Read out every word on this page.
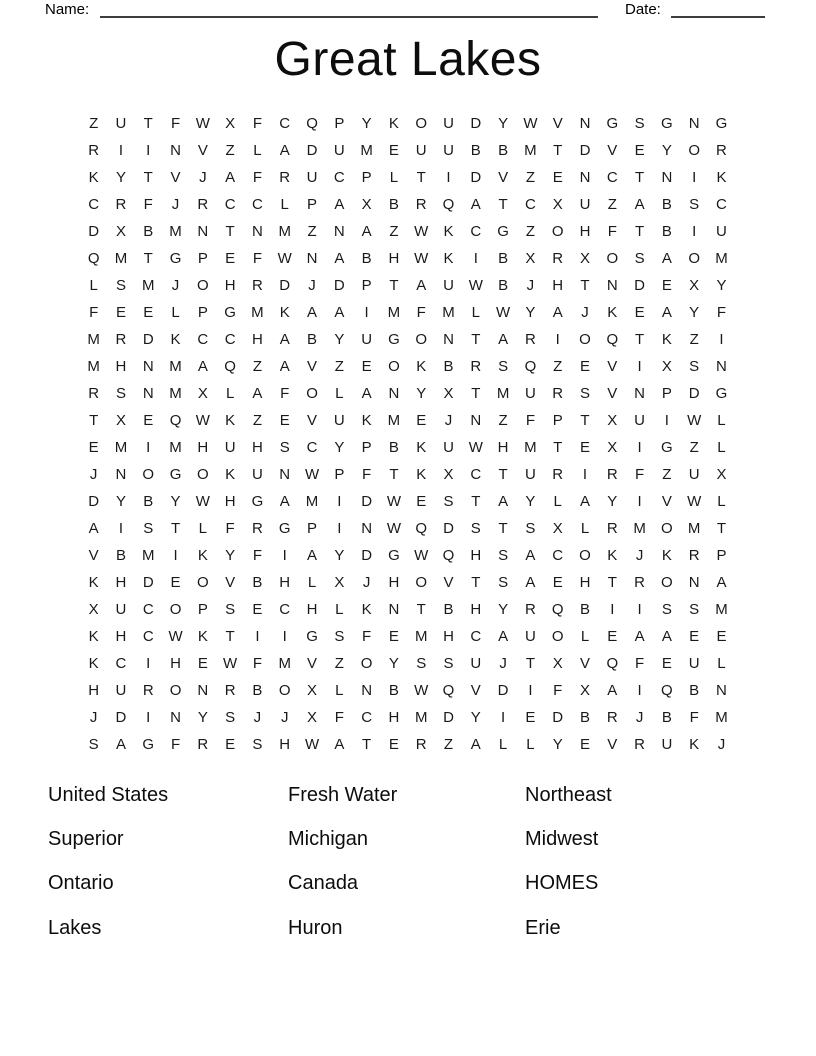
Name:	Date:
Great Lakes
Z U T F W X F C Q P Y K O U D Y W V N G S G N G
R I I N V Z L A D U M E U U B B M T D V E Y O R
K Y T V J A F R U C P L T I D V Z E N C T N I K
C R F J R C C L P A X B R Q A T C X U Z A B S C
D X B M N T N M Z N A Z W K C G Z O H F T B I U
Q M T G P E F W N A B H W K I B X R X O S A O M
L S M J O H R D J D P T A U W B J H T N D E X Y
F E E L P G M K A A I M F M L W Y A J K E A Y F
M R D K C C H A B Y U G O N T A R I O Q T K Z I
M H N M A Q Z A V Z E O K B R S Q Z E V I X S N
R S N M X L A F O L A N Y X T M U R S V N P D G
T X E Q W K Z E V U K M E J N Z F P T X U I W L
E M I M H U H S C Y P B K U W H M T E X I G Z L
J N O G O K U N W P F T K X C T U R I R F Z U X
D Y B Y W H G A M I D W E S T A Y L A Y I V W L
A I S T L F R G P I N W Q D S T S X L R M O M T
V B M I K Y F I A Y D G W Q H S A C O K J K R P
K H D E O V B H L X J H O V T S A E H T R O N A
X U C O P S E C H L K N T B H Y R Q B I I S S M
K H C W K T I I G S F E M H C A U O L E A A E E
K C I H E W F M V Z O Y S S U J T X V Q F E U L
H U R O N R B O X L N B W Q V D I F X A I Q B N
J D I N Y S J J X F C H M D Y I E D B R J B F M
S A G F R E S H W A T E R Z A L L Y E V R U K J
United States
Superior
Ontario
Lakes
Fresh Water
Michigan
Canada
Huron
Northeast
Midwest
HOMES
Erie
